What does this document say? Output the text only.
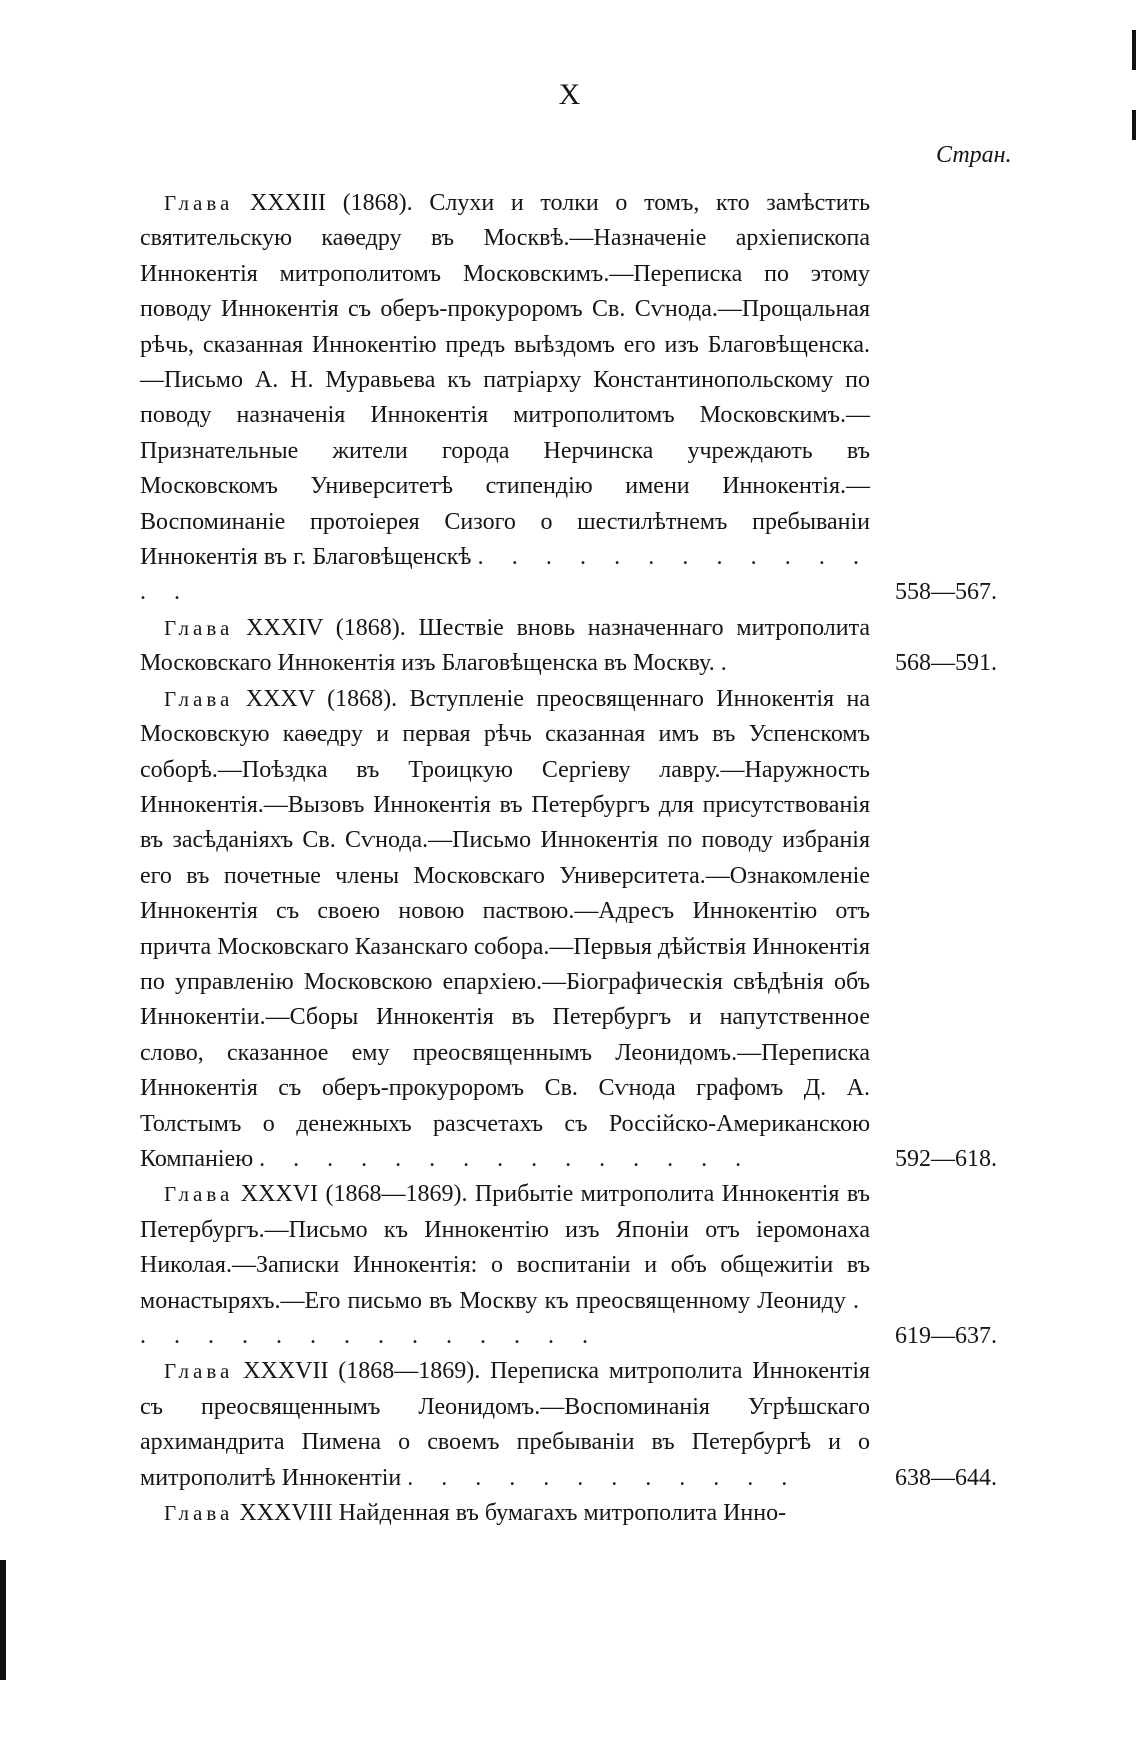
X
Стран.
Глава XXXIII (1868). Слухи и толки о томъ, кто замѣстить святительскую каѳедру въ Москвѣ.—Назначеніе архіепископа Иннокентія митрополитомъ Московскимъ.—Переписка по этому поводу Иннокентія съ оберъ-прокуроромъ Св. Сѵнода.—Прощальная рѣчь, сказанная Иннокентію предъ выѣздомъ его изъ Благовѣщенска.—Письмо А. Н. Муравьева къ патріарху Константинопольскому по поводу назначенія Иннокентія митрополитомъ Московскимъ.—Признательные жители города Нерчинска учреждають въ Московскомъ Университетѣ стипендію имени Иннокентія.—Воспоминаніе протоіерея Сизого о шестилѣтнемъ пребываніи Иннокентія въ г. Благовѣщенскѣ . . . . . . . . . . . . . .	558—567.
Глава XXXIV (1868). Шествіе вновь назначеннаго митрополита Московскаго Иннокентія изъ Благовѣщенска въ Москву. .	568—591.
Глава XXXV (1868). Вступленіе преосвященнаго Иннокентія на Московскую каѳедру и первая рѣчь сказанная имъ въ Успенскомъ соборѣ.—Поѣздка въ Троицкую Сергіеву лавру.—Наружность Иннокентія.—Вызовъ Иннокентія въ Петербургъ для присутствованія въ засѣданіяхъ Св. Сѵнода.—Письмо Иннокентія по поводу избранія его въ почетные члены Московскаго Университета.—Ознакомленіе Иннокентія съ своею новою паствою.—Адресъ Иннокентію отъ причта Московскаго Казанскаго собора.—Первыя дѣйствія Иннокентія по управленію Московскою епархіею.—Біографическія свѣдѣнія объ Иннокентіи.—Сборы Иннокентія въ Петербургъ и напутственное слово, сказанное ему преосвященнымъ Леонидомъ.—Переписка Иннокентія съ оберъ-прокуроромъ Св. Сѵнода графомъ Д. А. Толстымъ о денежныхъ разсчетахъ съ Россійско-Американскою Компаніею . . . . . . . . . . . . . . .	592—618.
Глава XXXVI (1868—1869). Прибытіе митрополита Иннокентія въ Петербургъ.—Письмо къ Иннокентію изъ Японіи отъ іеромонаха Николая.—Записки Иннокентія: о воспитаніи и объ общежитіи въ монастыряхъ.—Его письмо въ Москву къ преосвященному Леониду . . . . . . . . . . . . . . .	619—637.
Глава XXXVII (1868—1869). Переписка митрополита Иннокентія съ преосвященнымъ Леонидомъ.—Воспоминанія Угрѣшскаго архимандрита Пимена о своемъ пребываніи въ Петербургѣ и о митрополитѣ Иннокентіи . . . . . . . . . . . .	638—644.
Глава XXXVIII Найденная въ бумагахъ митрополита Инно-
